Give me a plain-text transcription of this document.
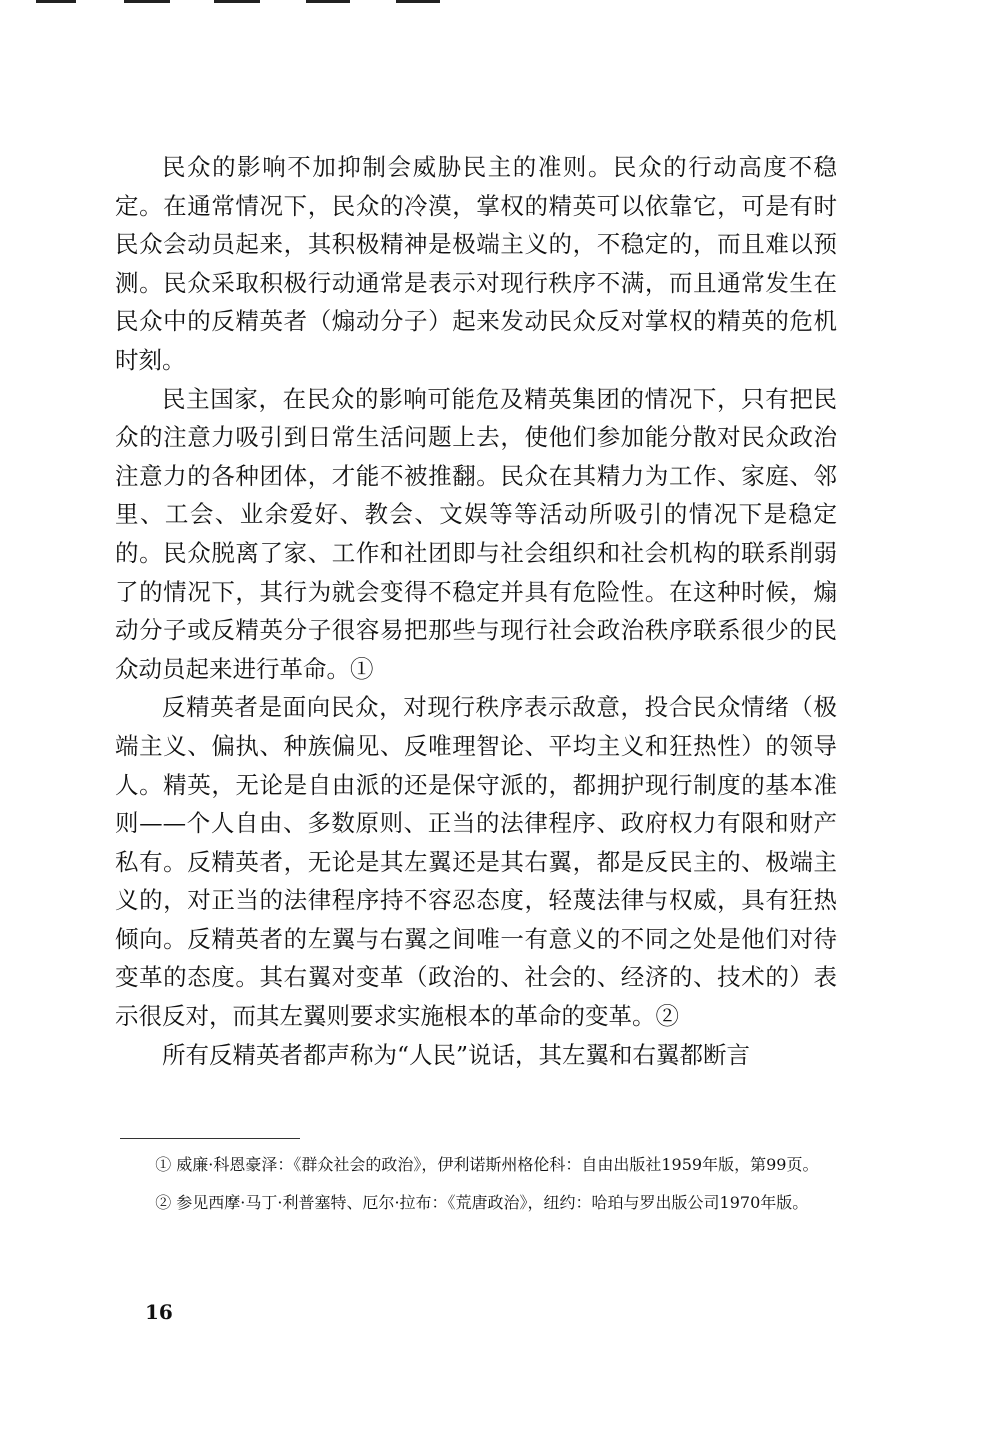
民众的影响不加抑制会威胁民主的准则。民众的行动高度不稳定。在通常情况下，民众的冷漠，掌权的精英可以依靠它，可是有时民众会动员起来，其积极精神是极端主义的，不稳定的，而且难以预测。民众采取积极行动通常是表示对现行秩序不满，而且通常发生在民众中的反精英者（煽动分子）起来发动民众反对掌权的精英的危机时刻。

民主国家，在民众的影响可能危及精英集团的情况下，只有把民众的注意力吸引到日常生活问题上去，使他们参加能分散对民众政治注意力的各种团体，才能不被推翻。民众在其精力为工作、家庭、邻里、工会、业余爱好、教会、文娱等等活动所吸引的情况下是稳定的。民众脱离了家、工作和社团即与社会组织和社会机构的联系削弱了的情况下，其行为就会变得不稳定并具有危险性。在这种时候，煽动分子或反精英分子很容易把那些与现行社会政治秩序联系很少的民众动员起来进行革命。①

反精英者是面向民众，对现行秩序表示敌意，投合民众情绪（极端主义、偏执、种族偏见、反唯理智论、平均主义和狂热性）的领导人。精英，无论是自由派的还是保守派的，都拥护现行制度的基本准则——个人自由、多数原则、正当的法律程序、政府权力有限和财产私有。反精英者，无论是其左翼还是其右翼，都是反民主的、极端主义的，对正当的法律程序持不容忍态度，轻蔑法律与权威，具有狂热倾向。反精英者的左翼与右翼之间唯一有意义的不同之处是他们对待变革的态度。其右翼对变革（政治的、社会的、经济的、技术的）表示很反对，而其左翼则要求实施根本的革命的变革。②

所有反精英者都声称为“人民”说话，其左翼和右翼都断言

① 威廉·科恩豪泽：《群众社会的政治》，伊利诺斯州格伦科：自由出版社1959年版，第99页。

② 参见西摩·马丁·利普塞特、厄尔·拉布：《荒唐政治》，纽约：哈珀与罗出版公司1970年版。

16
